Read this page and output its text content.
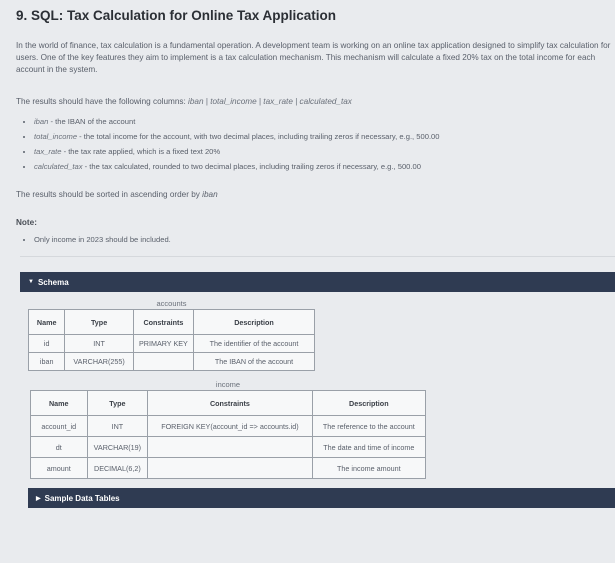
9. SQL: Tax Calculation for Online Tax Application
In the world of finance, tax calculation is a fundamental operation. A development team is working on an online tax application designed to simplify tax calculation for users. One of the key features they aim to implement is a tax calculation mechanism. This mechanism will calculate a fixed 20% tax on the total income for each account in the system.
The results should have the following columns: iban | total_income | tax_rate | calculated_tax
• iban - the IBAN of the account
• total_income - the total income for the account, with two decimal places, including trailing zeros if necessary, e.g., 500.00
• tax_rate - the tax rate applied, which is a fixed text 20%
• calculated_tax - the tax calculated, rounded to two decimal places, including trailing zeros if necessary, e.g., 500.00
The results should be sorted in ascending order by iban
Note:
• Only income in 2023 should be included.
▼ Schema
accounts
Name	Type	Constraints	Description
id	INT	PRIMARY KEY	The identifier of the account
iban	VARCHAR(255)		The IBAN of the account
income
Name	Type	Constraints	Description
account_id	INT	FOREIGN KEY(account_id => accounts.id)	The reference to the account
dt	VARCHAR(19)		The date and time of income
amount	DECIMAL(6,2)		The income amount
▶ Sample Data Tables
